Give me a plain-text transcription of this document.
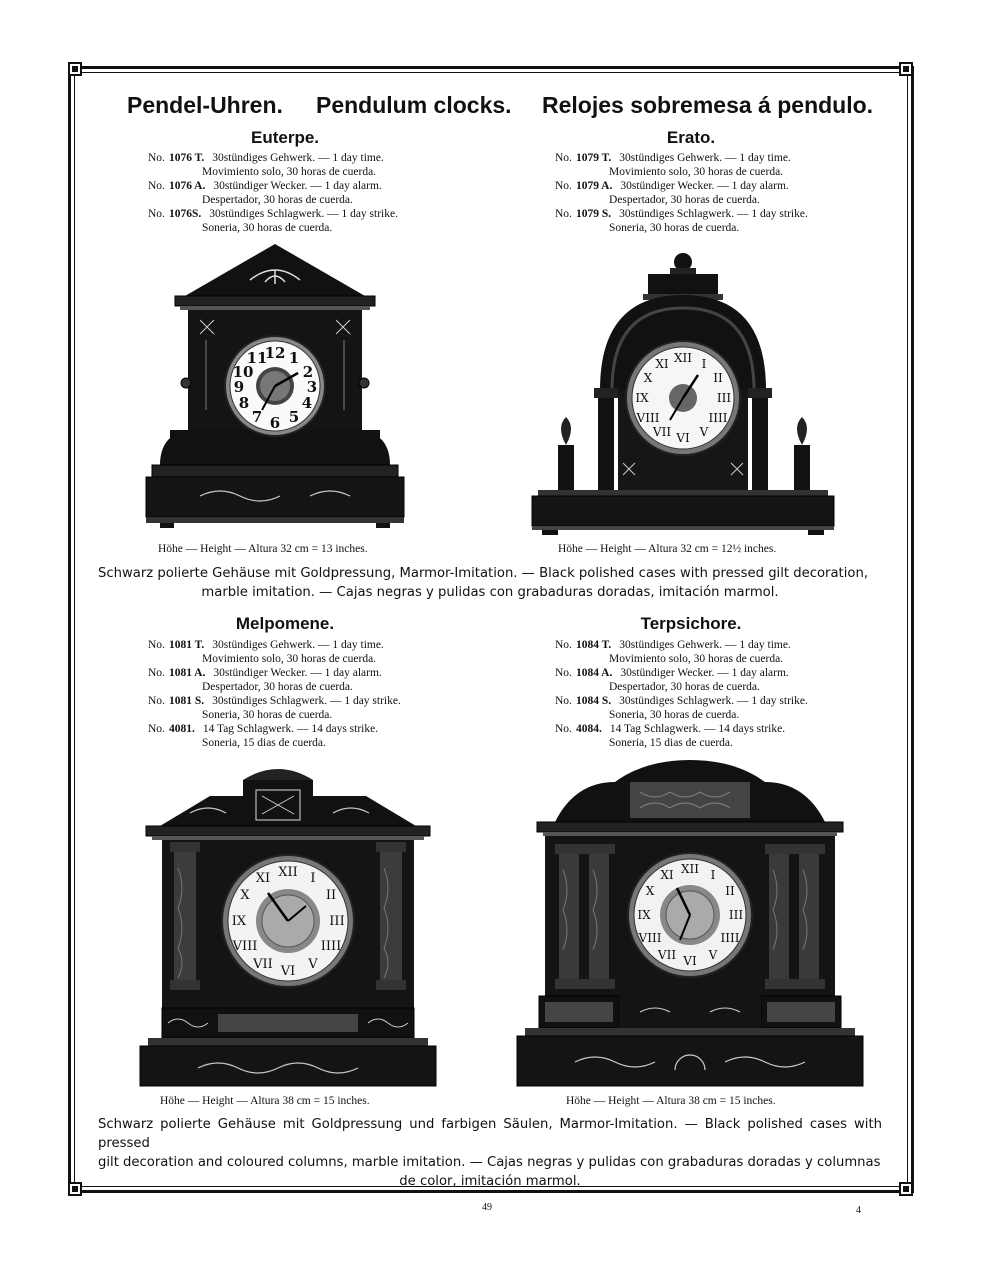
Pendel-Uhren. Pendulum clocks. Relojes sobremesa á pendulo.
Euterpe.
No. 1076 T. 30stündiges Gehwerk. — 1 day time.
Movimiento solo, 30 horas de cuerda.
No. 1076 A. 30stündiger Wecker. — 1 day alarm.
Despertador, 30 horas de cuerda.
No. 1076S. 30stündiges Schlagwerk. — 1 day strike.
Soneria, 30 horas de cuerda.
12 1
2
3
4
5
6
7
8
9
10
11
Höhe — Height — Altura 32 cm = 13 inches.
Erato.
No. 1079 T. 30stündiges Gehwerk. — 1 day time.
Movimiento solo, 30 horas de cuerda.
No. 1079 A. 30stündiger Wecker. — 1 day alarm.
Despertador, 30 horas de cuerda.
No. 1079 S. 30stündiges Schlagwerk. — 1 day strike.
Soneria, 30 horas de cuerda.
XII I
II
III
IIII
V
VI
VII
VIII
IX
X
XI
Höhe — Height — Altura 32 cm = 12½ inches.
Schwarz polierte Gehäuse mit Goldpressung, Marmor-Imitation. — Black polished cases with pressed gilt decoration,
marble imitation. — Cajas negras y pulidas con grabaduras doradas, imitación marmol.
Melpomene.
No. 1081 T. 30stündiges Gehwerk. — 1 day time.
Movimiento solo, 30 horas de cuerda.
No. 1081 A. 30stündiger Wecker. — 1 day alarm.
Despertador, 30 horas de cuerda.
No. 1081 S. 30stündiges Schlagwerk. — 1 day strike.
Soneria, 30 horas de cuerda.
No. 4081. 14 Tag Schlagwerk. — 14 days strike.
Soneria, 15 dias de cuerda.
XII I
II
III
IIII
V
VI
VII
VIII
IX
X
XI
Höhe — Height — Altura 38 cm = 15 inches.
Terpsichore.
No. 1084 T. 30stündiges Gehwerk. — 1 day time.
Movimiento solo, 30 horas de cuerda.
No. 1084 A. 30stündiger Wecker. — 1 day alarm.
Despertador, 30 horas de cuerda.
No. 1084 S. 30stündiges Schlagwerk. — 1 day strike.
Soneria, 30 horas de cuerda.
No. 4084. 14 Tag Schlagwerk. — 14 days strike.
Soneria, 15 dias de cuerda.
XII I
II
III
IIII
V
VI
VII
VIII
IX
X
XI
Höhe — Height — Altura 38 cm = 15 inches.
Schwarz polierte Gehäuse mit Goldpressung und farbigen Säulen, Marmor-Imitation. — Black polished cases with pressed
gilt decoration and coloured columns, marble imitation. — Cajas negras y pulidas con grabaduras doradas y columnas
de color, imitación marmol.
49	4
